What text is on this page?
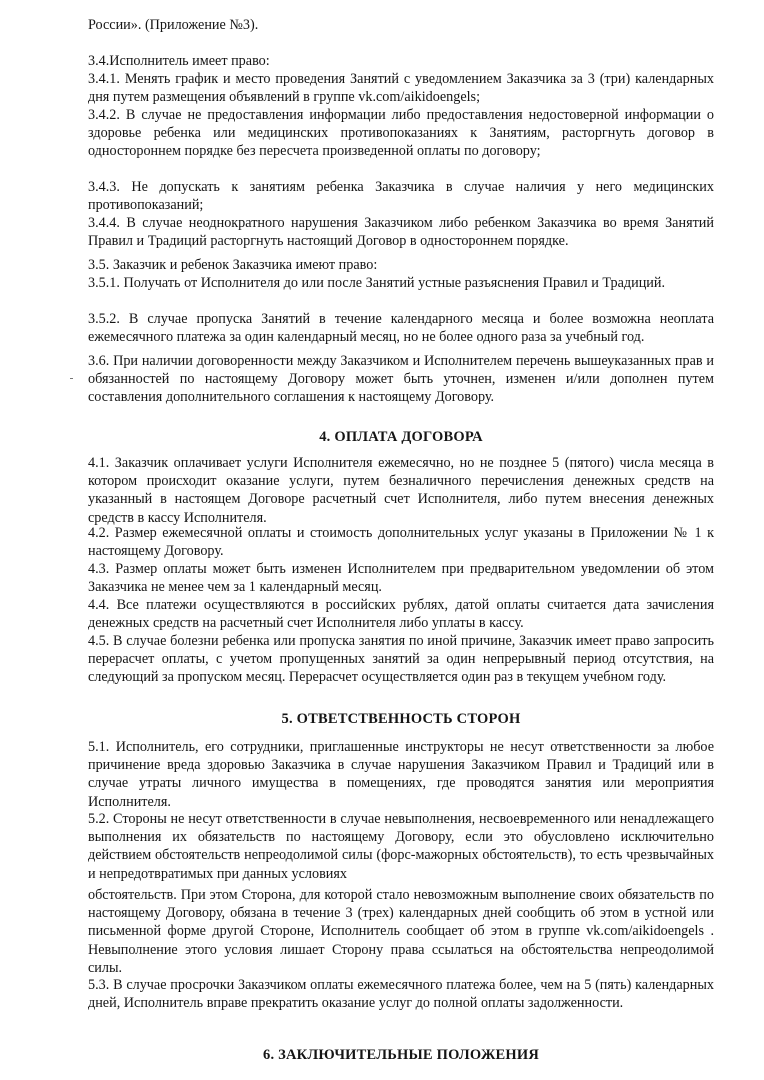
России». (Приложение №3).

3.4.Исполнитель имеет право:

3.4.1. Менять график и место проведения Занятий с уведомлением Заказчика за 3 (три) календарных дня путем размещения объявлений в группе vk.com/aikidoengels;

3.4.2. В случае не предоставления информации либо предоставления недостоверной информации о здоровье ребенка или медицинских противопоказаниях к Занятиям, расторгнуть договор в одностороннем порядке без пересчета произведенной оплаты по договору;

3.4.3. Не допускать к занятиям ребенка Заказчика в случае наличия у него медицинских противопоказаний;

3.4.4. В случае неоднократного нарушения Заказчиком либо ребенком Заказчика во время Занятий Правил и Традиций расторгнуть настоящий Договор в одностороннем порядке.

3.5. Заказчик и ребенок Заказчика имеют право:

3.5.1. Получать от Исполнителя до или после Занятий устные разъяснения Правил и Традиций.

3.5.2. В случае пропуска Занятий в течение календарного месяца и более возможна неоплата ежемесячного платежа за один календарный месяц, но не более одного раза за учебный год.

3.6. При наличии договоренности между Заказчиком и Исполнителем перечень вышеуказанных прав и обязанностей по настоящему Договору может быть уточнен, изменен и/или дополнен путем составления дополнительного соглашения к настоящему Договору.

4. ОПЛАТА ДОГОВОРА

4.1. Заказчик оплачивает услуги Исполнителя ежемесячно, но не позднее 5 (пятого) числа месяца в котором происходит оказание услуги, путем безналичного перечисления денежных средств на указанный в настоящем Договоре расчетный счет Исполнителя, либо путем внесения денежных средств в кассу Исполнителя.

4.2. Размер ежемесячной оплаты и стоимость дополнительных услуг указаны в Приложении № 1 к настоящему Договору.

4.3. Размер оплаты может быть изменен Исполнителем при предварительном уведомлении об этом Заказчика не менее чем за 1 календарный месяц.

4.4. Все платежи осуществляются в российских рублях, датой оплаты считается дата зачисления денежных средств на расчетный счет Исполнителя либо уплаты в кассу.

4.5. В случае болезни ребенка или пропуска занятия по иной причине, Заказчик имеет право запросить перерасчет оплаты, с учетом пропущенных занятий за один непрерывный период отсутствия, на следующий за пропуском месяц. Перерасчет осуществляется один раз в текущем учебном году.

5. ОТВЕТСТВЕННОСТЬ СТОРОН

5.1. Исполнитель, его сотрудники, приглашенные инструкторы не несут ответственности за любое причинение вреда здоровью Заказчика в случае нарушения Заказчиком Правил и Традиций или в случае утраты личного имущества в помещениях, где проводятся занятия или мероприятия Исполнителя.

5.2. Стороны не несут ответственности в случае невыполнения, несвоевременного или ненадлежащего выполнения их обязательств по настоящему Договору, если это обусловлено исключительно действием обстоятельств непреодолимой силы (форс-мажорных обстоятельств), то есть чрезвычайных и непредотвратимых при данных условиях

обстоятельств. При этом Сторона, для которой стало невозможным выполнение своих обязательств по настоящему Договору, обязана в течение 3 (трех) календарных дней сообщить об этом в устной или письменной форме другой Стороне, Исполнитель сообщает об этом в группе vk.com/aikidoengels . Невыполнение этого условия лишает Сторону права ссылаться на обстоятельства непреодолимой силы.

5.3. В случае просрочки Заказчиком оплаты ежемесячного платежа более, чем на 5 (пять) календарных дней, Исполнитель вправе прекратить оказание услуг до полной оплаты задолженности.

6. ЗАКЛЮЧИТЕЛЬНЫЕ ПОЛОЖЕНИЯ
